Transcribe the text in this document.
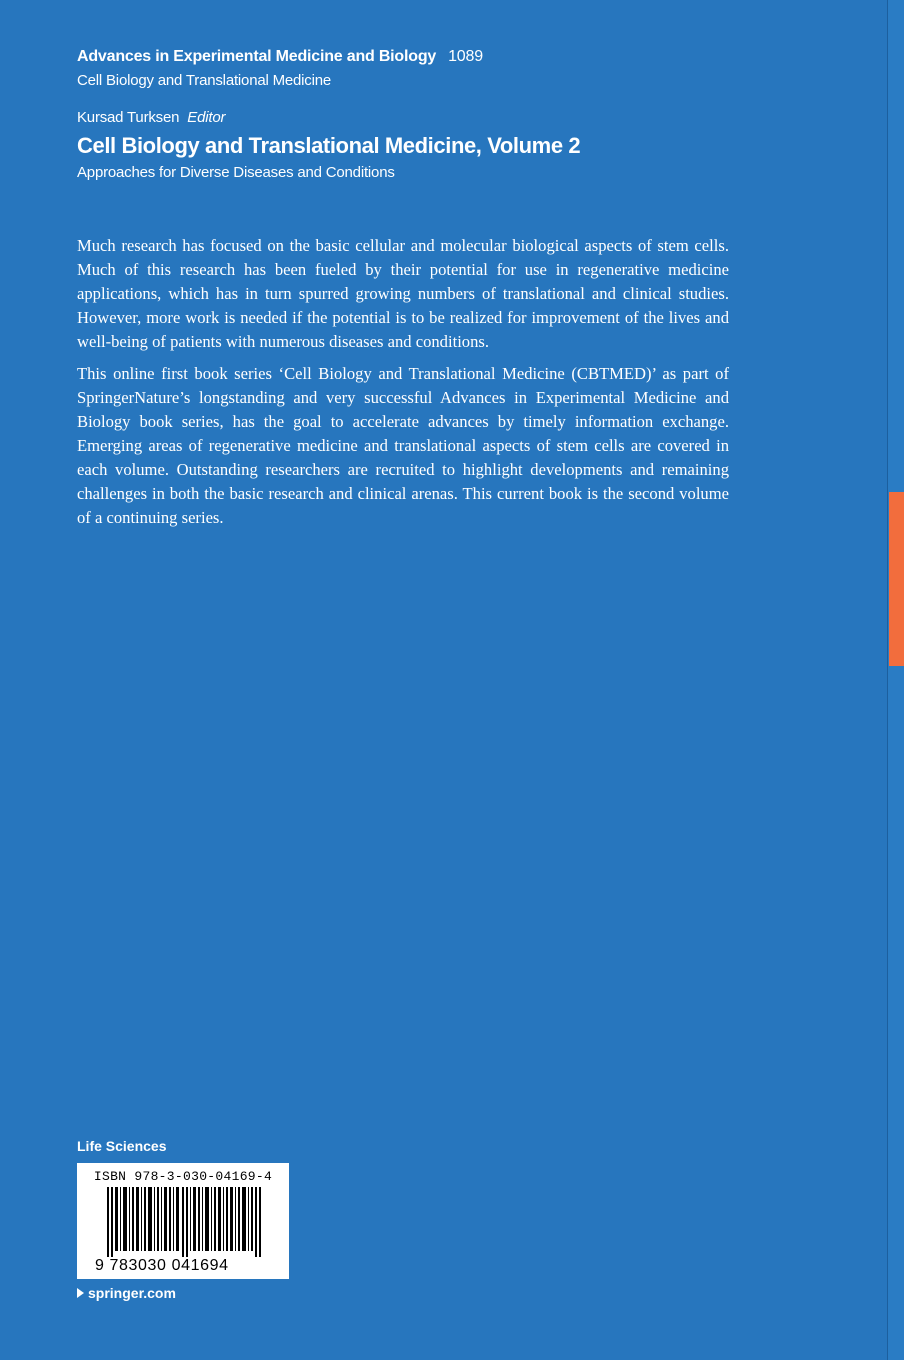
Advances in Experimental Medicine and Biology 1089
Cell Biology and Translational Medicine
Kursad Turksen Editor
Cell Biology and Translational Medicine, Volume 2
Approaches for Diverse Diseases and Conditions

Much research has focused on the basic cellular and molecular biological aspects of stem cells. Much of this research has been fueled by their potential for use in regenerative medicine applications, which has in turn spurred growing numbers of translational and clinical studies. However, more work is needed if the potential is to be realized for improvement of the lives and well-being of patients with numerous diseases and conditions.

This online first book series ‘Cell Biology and Translational Medicine (CBTMED)’ as part of SpringerNature’s longstanding and very successful Advances in Experimental Medicine and Biology book series, has the goal to accelerate advances by timely information exchange. Emerging areas of regenerative medicine and translational aspects of stem cells are covered in each volume. Outstanding researchers are recruited to highlight developments and remaining challenges in both the basic research and clinical arenas. This current book is the second volume of a continuing series.

Life Sciences
ISBN 978-3-030-04169-4
9 783030 041694
springer.com
